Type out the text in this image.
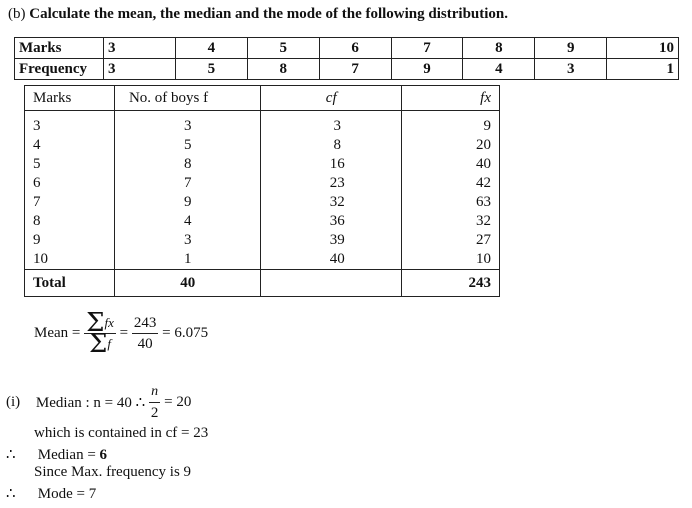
(b) Calculate the mean, the median and the mode of the following distribution.
Marks	3	4	5	6	7	8	9	10
Frequency	3	5	8	7	9	4	3	1
Marks	No. of boys f	cf	fx
3	3	3	9
4	5	8	20
5	8	16	40
6	7	23	42
7	9	32	63
8	4	36	32
9	3	39	27
10	1	40	10
Total	40		243
Mean = $\frac{\text{Σfx}}{\Sigma f} = \frac{243}{40} = 6.075$
(i) Median : n = 40 ∴ $\frac{n}{2} = 20$
which is contained in cf = 23
∴ Median = 6
Since Max. frequency is 9
∴ Mode = 7
